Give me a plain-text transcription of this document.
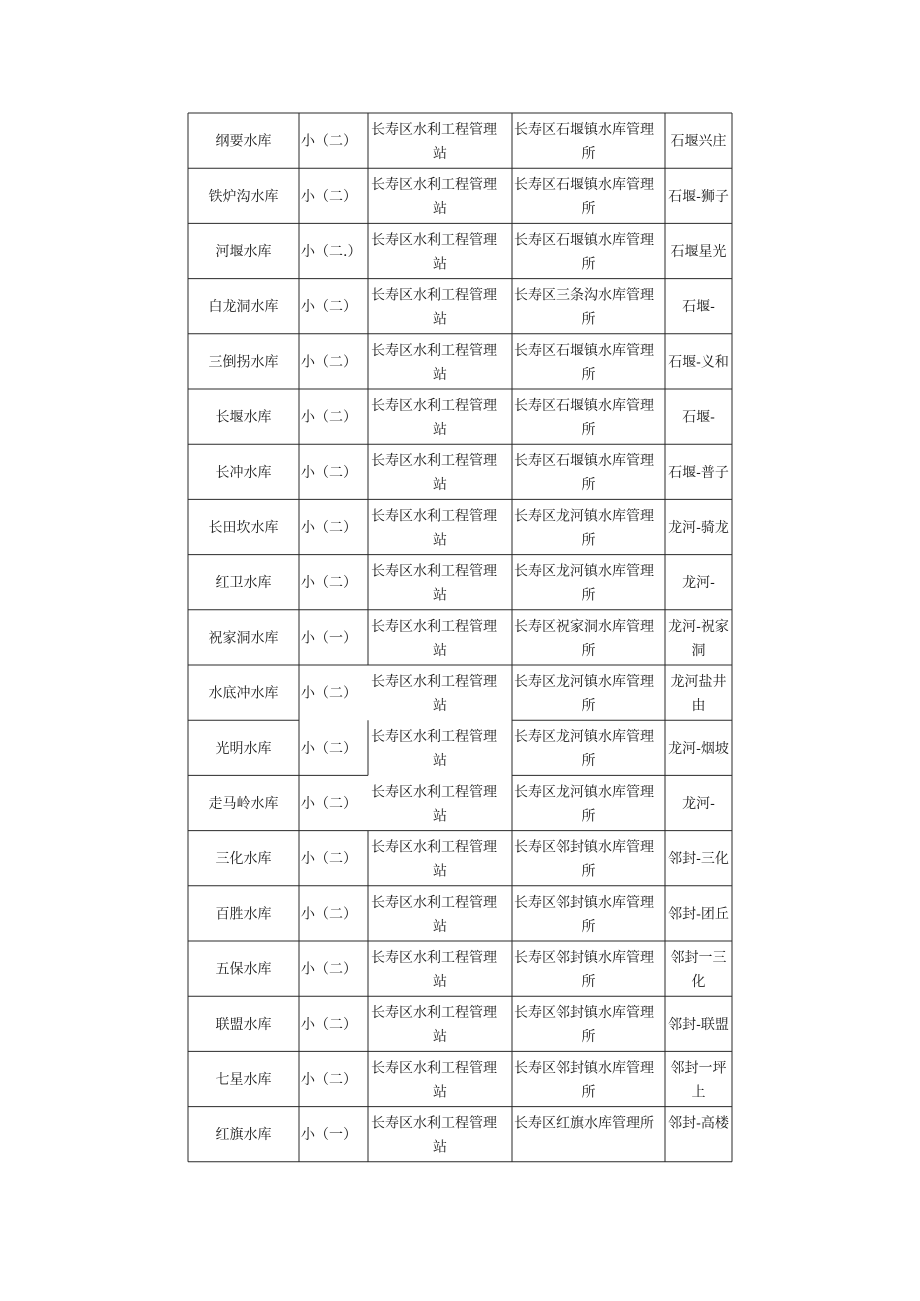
纲要水库 小（二）
长寿区水利工程管理
站
长寿区石堰镇水库管理
所
石堰兴庄
铁炉沟水库 小（二）
长寿区水利工程管理
站
长寿区石堰镇水库管理
所
石堰-狮子
河堰水库 小（二.）
长寿区水利工程管理
站
长寿区石堰镇水库管理
所
石堰星光
白龙洞水库 小（二）
长寿区水利工程管理
站
长寿区三条沟水库管理
所
石堰-
三倒拐水库 小（二）
长寿区水利工程管理
站
长寿区石堰镇水库管理
所
石堰-义和
长堰水库 小（二）
长寿区水利工程管理
站
长寿区石堰镇水库管理
所
石堰-
长冲水库 小（二）
长寿区水利工程管理
站
长寿区石堰镇水库管理
所
石堰-普子
长田坎水库 小（二）
长寿区水利工程管理
站
长寿区龙河镇水库管理
所
龙河-骑龙
红卫水库 小（二）
长寿区水利工程管理
站
长寿区龙河镇水库管理
所
龙河-
祝家洞水库 小（一）
长寿区水利工程管理
站
长寿区祝家洞水库管理
所
龙河-祝家
洞
水底冲水库 小（二）
长寿区水利工程管理
站
长寿区龙河镇水库管理
所
龙河盐井
由
光明水库 小（二）
长寿区水利工程管理
站
长寿区龙河镇水库管理
所
龙河-烟坡
走马岭水库 小（二）
长寿区水利工程管理
站
长寿区龙河镇水库管理
所
龙河-
三化水库 小（二）
长寿区水利工程管理
站
长寿区邻封镇水库管理
所
邻封-三化
百胜水库 小（二）
长寿区水利工程管理
站
长寿区邻封镇水库管理
所
邻封-团丘
五保水库 小（二）
长寿区水利工程管理
站
长寿区邻封镇水库管理
所
邻封一三
化
联盟水库 小（二）
长寿区水利工程管理
站
长寿区邻封镇水库管理
所
邻封-联盟
七星水库 小（二）
长寿区水利工程管理
站
长寿区邻封镇水库管理
所
邻封一坪
上
红旗水库 小（一）
长寿区水利工程管理
站
长寿区红旗水库管理所 邻封-高楼
